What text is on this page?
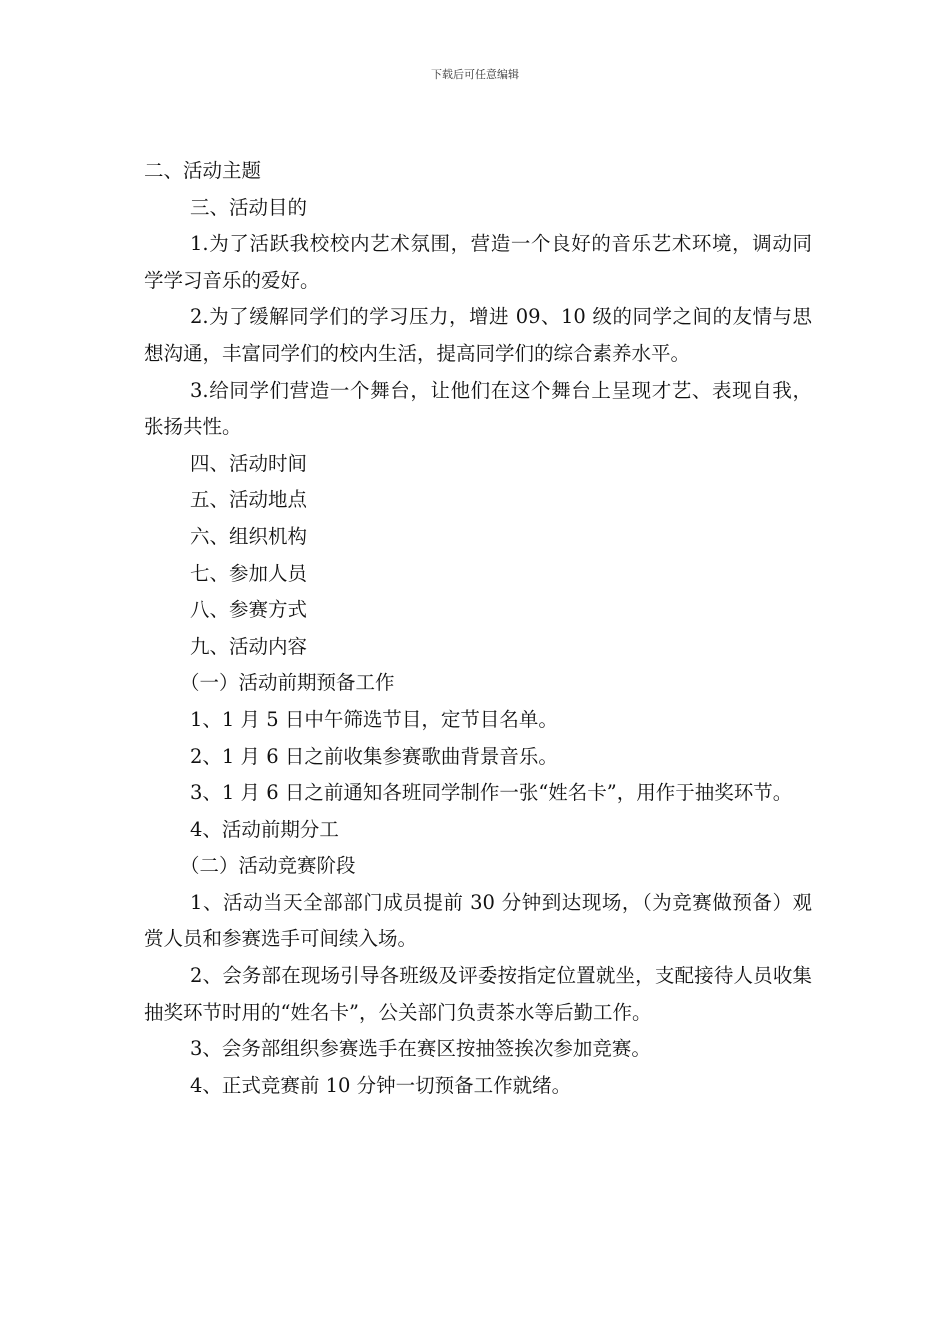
下载后可任意编辑

二、活动主题

三、活动目的

1.为了活跃我校校内艺术氛围，营造一个良好的音乐艺术环境，调动同学学习音乐的爱好。

2.为了缓解同学们的学习压力，增进 09、10 级的同学之间的友情与思想沟通，丰富同学们的校内生活，提高同学们的综合素养水平。

3.给同学们营造一个舞台，让他们在这个舞台上呈现才艺、表现自我，张扬共性。

四、活动时间

五、活动地点

六、组织机构

七、参加人员

八、参赛方式

九、活动内容

（一）活动前期预备工作

1、1 月 5 日中午筛选节目，定节目名单。

2、1 月 6 日之前收集参赛歌曲背景音乐。

3、1 月 6 日之前通知各班同学制作一张“姓名卡”，用作于抽奖环节。

4、活动前期分工

（二）活动竞赛阶段

1、活动当天全部部门成员提前 30 分钟到达现场，（为竞赛做预备）观赏人员和参赛选手可间续入场。

2、会务部在现场引导各班级及评委按指定位置就坐，支配接待人员收集抽奖环节时用的“姓名卡”，公关部门负责茶水等后勤工作。

3、会务部组织参赛选手在赛区按抽签挨次参加竞赛。

4、正式竞赛前 10 分钟一切预备工作就绪。
